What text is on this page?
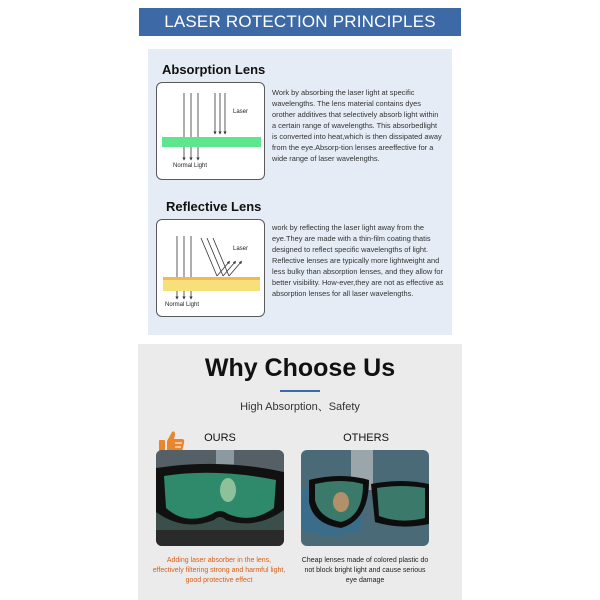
LASER ROTECTION PRINCIPLES
Absorption Lens
Laser
Normal Light
Work by absorbing the laser light at specific wavelengths. The lens material contains dyes orother additives that selectively absorb light within a certain range of wavelengths. This absorbedlight is converted into heat,which is then dissipated away from the eye.Absorp-tion lenses areeffective for a wide range of laser wavelengths.
Reflective Lens
Laser
Normal Light
work by reflecting the laser light away from the eye.They are made with a thin-film coating thatis designed to reflect specific wavelengths of light. Reflective lenses are typically more lightweight and less bulky than absorption lenses, and they allow for better visibility. How-ever,they are not as effective as absorption lenses for all laser wavelengths.
Why Choose Us
High Absorption、Safety
OURS	OTHERS
Adding laser absorber in the lens, effectively filtering strong and harmful light, good protective effect
Cheap lenses made of colored plastic do not block bright light and cause serious eye damage
